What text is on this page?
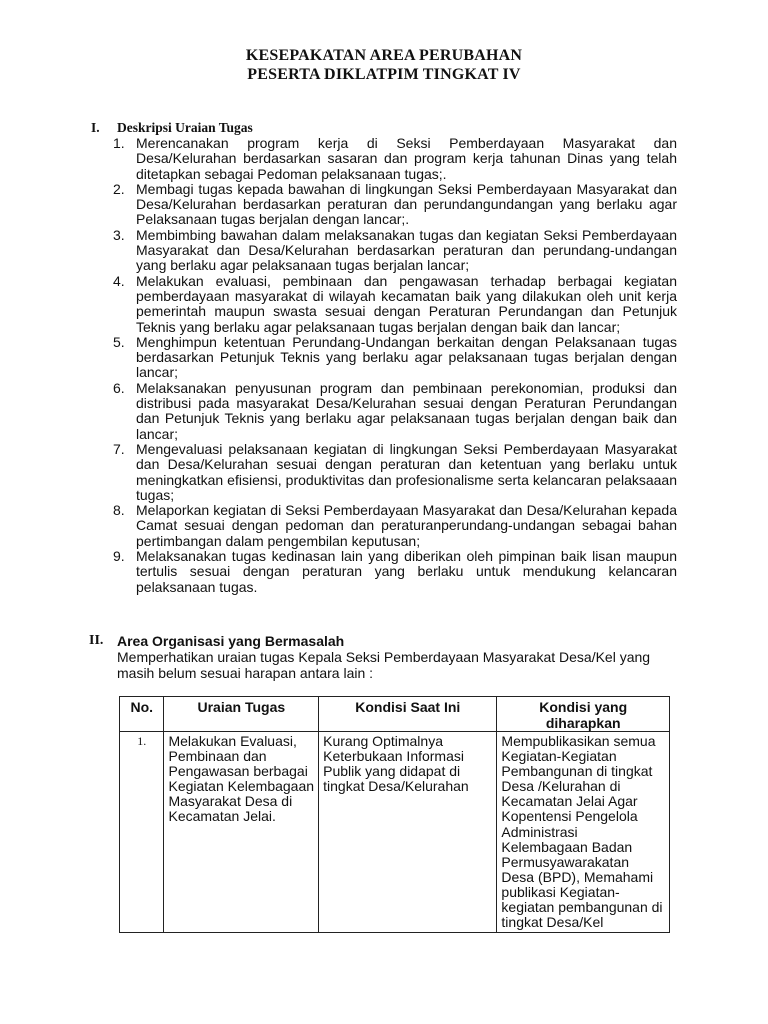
KESEPAKATAN AREA PERUBAHAN
PESERTA DIKLATPIM TINGKAT IV
I. Deskripsi Uraian Tugas
1. Merencanakan program kerja di Seksi Pemberdayaan Masyarakat dan Desa/Kelurahan berdasarkan sasaran dan program kerja tahunan Dinas yang telah ditetapkan sebagai Pedoman pelaksanaan tugas;.
2. Membagi tugas kepada bawahan di lingkungan Seksi Pemberdayaan Masyarakat dan Desa/Kelurahan berdasarkan peraturan dan perundangundangan yang berlaku agar Pelaksanaan tugas berjalan dengan lancar;.
3. Membimbing bawahan dalam melaksanakan tugas dan kegiatan Seksi Pemberdayaan Masyarakat dan Desa/Kelurahan berdasarkan peraturan dan perundang-undangan yang berlaku agar pelaksanaan tugas berjalan lancar;
4. Melakukan evaluasi, pembinaan dan pengawasan terhadap berbagai kegiatan pemberdayaan masyarakat di wilayah kecamatan baik yang dilakukan oleh unit kerja pemerintah maupun swasta sesuai dengan Peraturan Perundangan dan Petunjuk Teknis yang berlaku agar pelaksanaan tugas berjalan dengan baik dan lancar;
5. Menghimpun ketentuan Perundang-Undangan berkaitan dengan Pelaksanaan tugas berdasarkan Petunjuk Teknis yang berlaku agar pelaksanaan tugas berjalan dengan lancar;
6. Melaksanakan penyusunan program dan pembinaan perekonomian, produksi dan distribusi pada masyarakat Desa/Kelurahan sesuai dengan Peraturan Perundangan dan Petunjuk Teknis yang berlaku agar pelaksanaan tugas berjalan dengan baik dan lancar;
7. Mengevaluasi pelaksanaan kegiatan di lingkungan Seksi Pemberdayaan Masyarakat dan Desa/Kelurahan sesuai dengan peraturan dan ketentuan yang berlaku untuk meningkatkan efisiensi, produktivitas dan profesionalisme serta kelancaran pelaksaaan tugas;
8. Melaporkan kegiatan di Seksi Pemberdayaan Masyarakat dan Desa/Kelurahan kepada Camat sesuai dengan pedoman dan peraturanperundang-undangan sebagai bahan pertimbangan dalam pengembilan keputusan;
9. Melaksanakan tugas kedinasan lain yang diberikan oleh pimpinan baik lisan maupun tertulis sesuai dengan peraturan yang berlaku untuk mendukung kelancaran pelaksanaan tugas.
II. Area Organisasi yang Bermasalah
Memperhatikan uraian tugas Kepala Seksi Pemberdayaan Masyarakat Desa/Kel yang masih belum sesuai harapan antara lain :
No.	Uraian Tugas	Kondisi Saat Ini	Kondisi yang diharapkan
1.	Melakukan Evaluasi, Pembinaan dan Pengawasan berbagai Kegiatan Kelembagaan Masyarakat Desa di Kecamatan Jelai.	Kurang Optimalnya Keterbukaan Informasi Publik yang didapat di tingkat Desa/Kelurahan	Mempublikasikan semua Kegiatan-Kegiatan Pembangunan di tingkat Desa /Kelurahan di Kecamatan Jelai Agar Kopentensi Pengelola Administrasi Kelembagaan Badan Permusyawarakatan Desa (BPD), Memahami publikasi Kegiatan-kegiatan pembangunan di tingkat Desa/Kel
